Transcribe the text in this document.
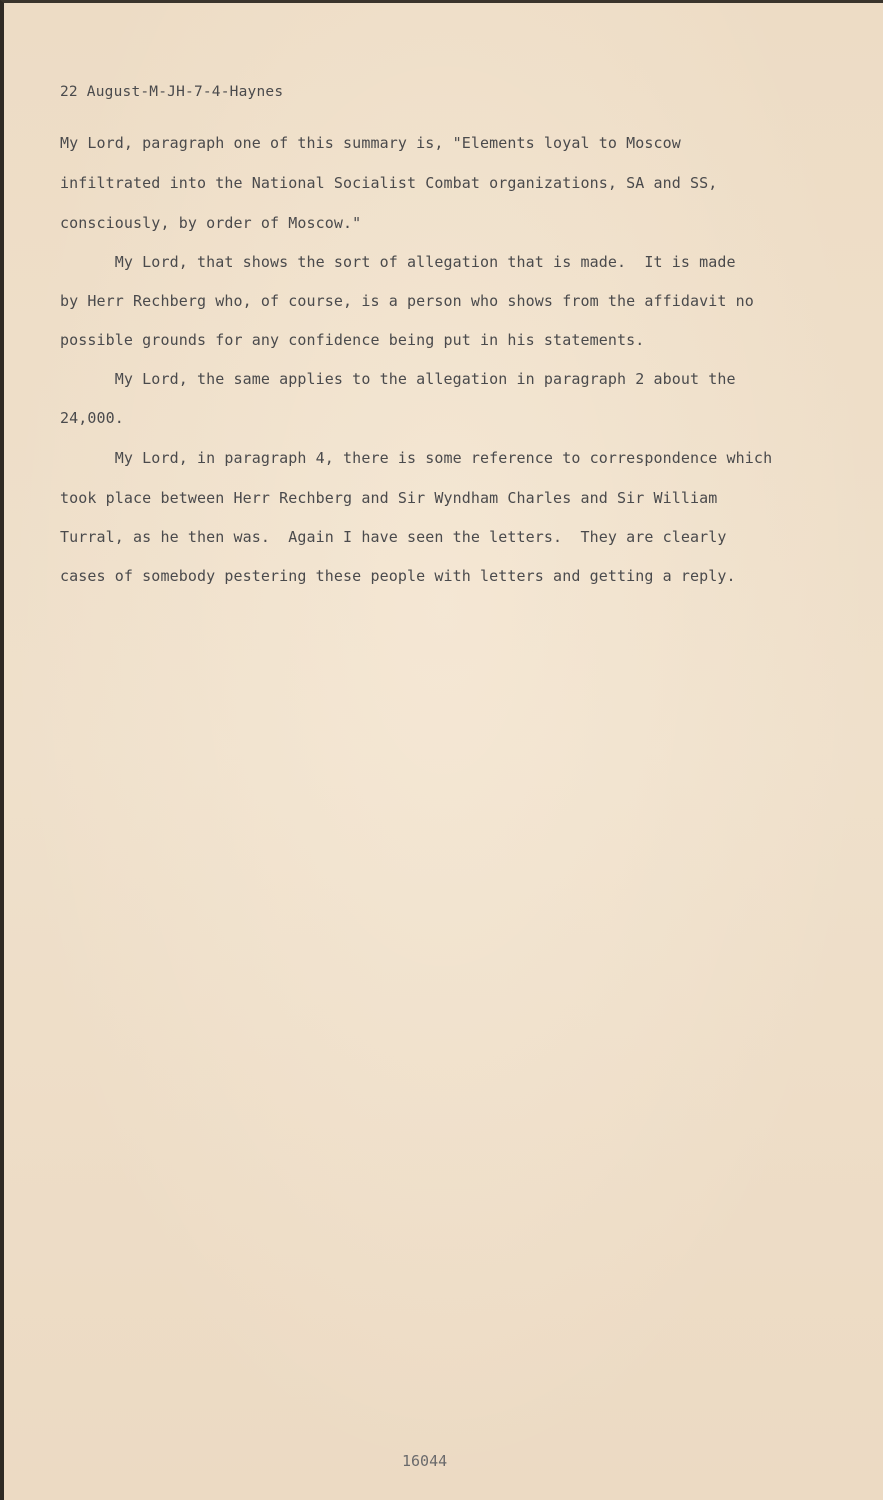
22 August-M-JH-7-4-Haynes
My Lord, paragraph one of this summary is, "Elements loyal to Moscow
infiltrated into the National Socialist Combat organizations, SA and SS,
consciously, by order of Moscow."
My Lord, that shows the sort of allegation that is made.  It is made
by Herr Rechberg who, of course, is a person who shows from the affidavit no
possible grounds for any confidence being put in his statements.
My Lord, the same applies to the allegation in paragraph 2 about the
24,000.
My Lord, in paragraph 4, there is some reference to correspondence which
took place between Herr Rechberg and Sir Wyndham Charles and Sir William
Turral, as he then was.  Again I have seen the letters.  They are clearly
cases of somebody pestering these people with letters and getting a reply.
16044
